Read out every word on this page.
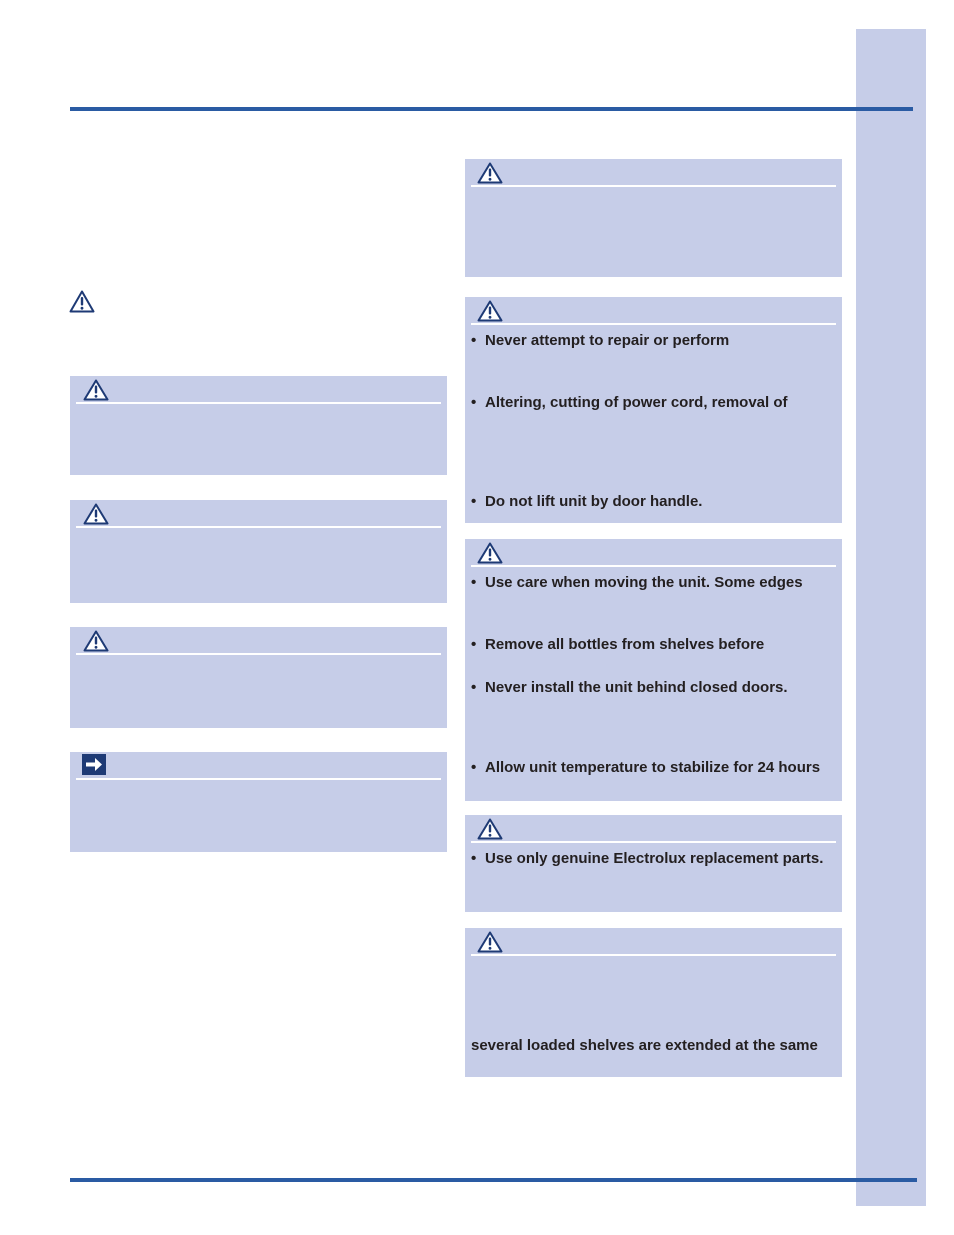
• Never attempt to repair or perform
• Altering, cutting of power cord, removal of
• Do not lift unit by door handle.
• Use care when moving the unit. Some edges
• Remove all bottles from shelves before
• Never install the unit behind closed doors.
• Allow unit temperature to stabilize for 24 hours
• Use only genuine Electrolux replacement parts.
several loaded shelves are extended at the same
